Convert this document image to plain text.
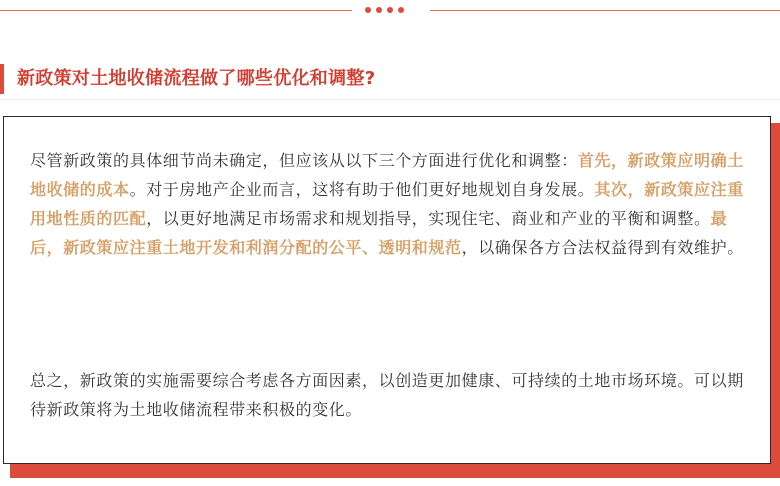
新政策对土地收储流程做了哪些优化和调整?

尽管新政策的具体细节尚未确定，但应该从以下三个方面进行优化和调整：首先，新政策应明确土地收储的成本。对于房地产企业而言，这将有助于他们更好地规划自身发展。其次，新政策应注重用地性质的匹配，以更好地满足市场需求和规划指导，实现住宅、商业和产业的平衡和调整。最后，新政策应注重土地开发和利润分配的公平、透明和规范，以确保各方合法权益得到有效维护。

总之，新政策的实施需要综合考虑各方面因素，以创造更加健康、可持续的土地市场环境。可以期待新政策将为土地收储流程带来积极的变化。
